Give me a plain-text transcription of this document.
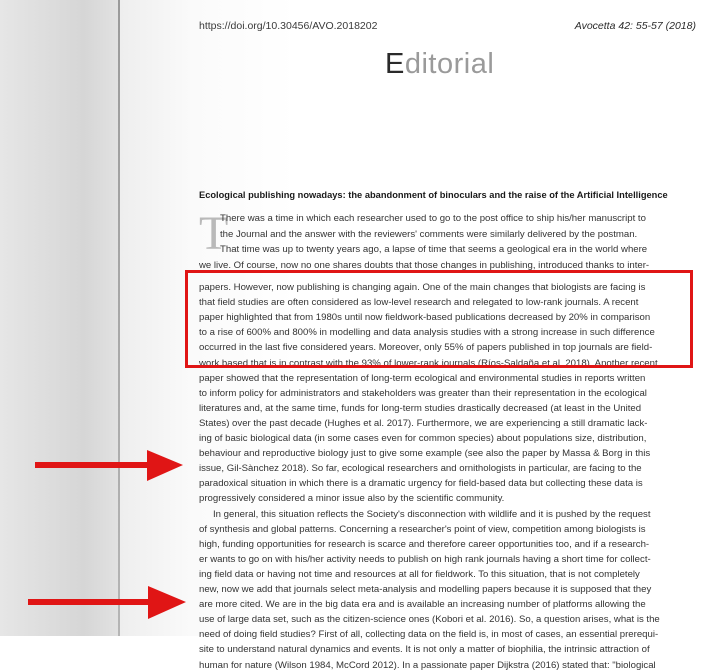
https://doi.org/10.30456/AVO.2018202	Avocetta 42: 55-57 (2018)
Editorial
Ecological publishing nowadays: the abandonment of binoculars and the raise of the Artificial Intelligence
T
There was a time in which each researcher used to go to the post office to ship his/her manuscript to
the Journal and the answer with the reviewers' comments were similarly delivered by the postman.
That time was up to twenty years ago, a lapse of time that seems a geological era in the world where
we live. Of course, now no one shares doubts that those changes in publishing, introduced thanks to inter-
papers. However, now publishing is changing again. One of the main changes that biologists are facing is
that field studies are often considered as low-level research and relegated to low-rank journals. A recent
paper highlighted that from 1980s until now fieldwork-based publications decreased by 20% in comparison
to a rise of 600% and 800% in modelling and data analysis studies with a strong increase in such difference
occurred in the last five considered years. Moreover, only 55% of papers published in top journals are field-
work based that is in contrast with the 93% of lower-rank journals (Ríos-Saldaña et al. 2018). Another recent
paper showed that the representation of long-term ecological and environmental studies in reports written
to inform policy for administrators and stakeholders was greater than their representation in the ecological
literatures and, at the same time, funds for long-term studies drastically decreased (at least in the United
States) over the past decade (Hughes et al. 2017). Furthermore, we are experiencing a still dramatic lack-
ing of basic biological data (in some cases even for common species) about populations size, distribution,
behaviour and reproductive biology just to give some example (see also the paper by Massa & Borg in this
issue, Gil-Sànchez 2018). So far, ecological researchers and ornithologists in particular, are facing to the
paradoxical situation in which there is a dramatic urgency for field-based data but collecting these data is
progressively considered a minor issue also by the scientific community.
In general, this situation reflects the Society's disconnection with wildlife and it is pushed by the request
of synthesis and global patterns. Concerning a researcher's point of view, competition among biologists is
high, funding opportunities for research is scarce and therefore career opportunities too, and if a research-
er wants to go on with his/her activity needs to publish on high rank journals having a short time for collect-
ing field data or having not time and resources at all for fieldwork. To this situation, that is not completely
new, now we add that journals select meta-analysis and modelling papers because it is supposed that they
are more cited. We are in the big data era and is available an increasing number of platforms allowing the
use of large data set, such as the citizen-science ones (Kobori et al. 2016). So, a question arises, what is the
need of doing field studies? First of all, collecting data on the field is, in most of cases, an essential prerequi-
site to understand natural dynamics and events. It is not only a matter of biophilia, the intrinsic attraction of
human for nature (Wilson 1984, McCord 2012). In a passionate paper Dijkstra (2016) stated that: "biological
